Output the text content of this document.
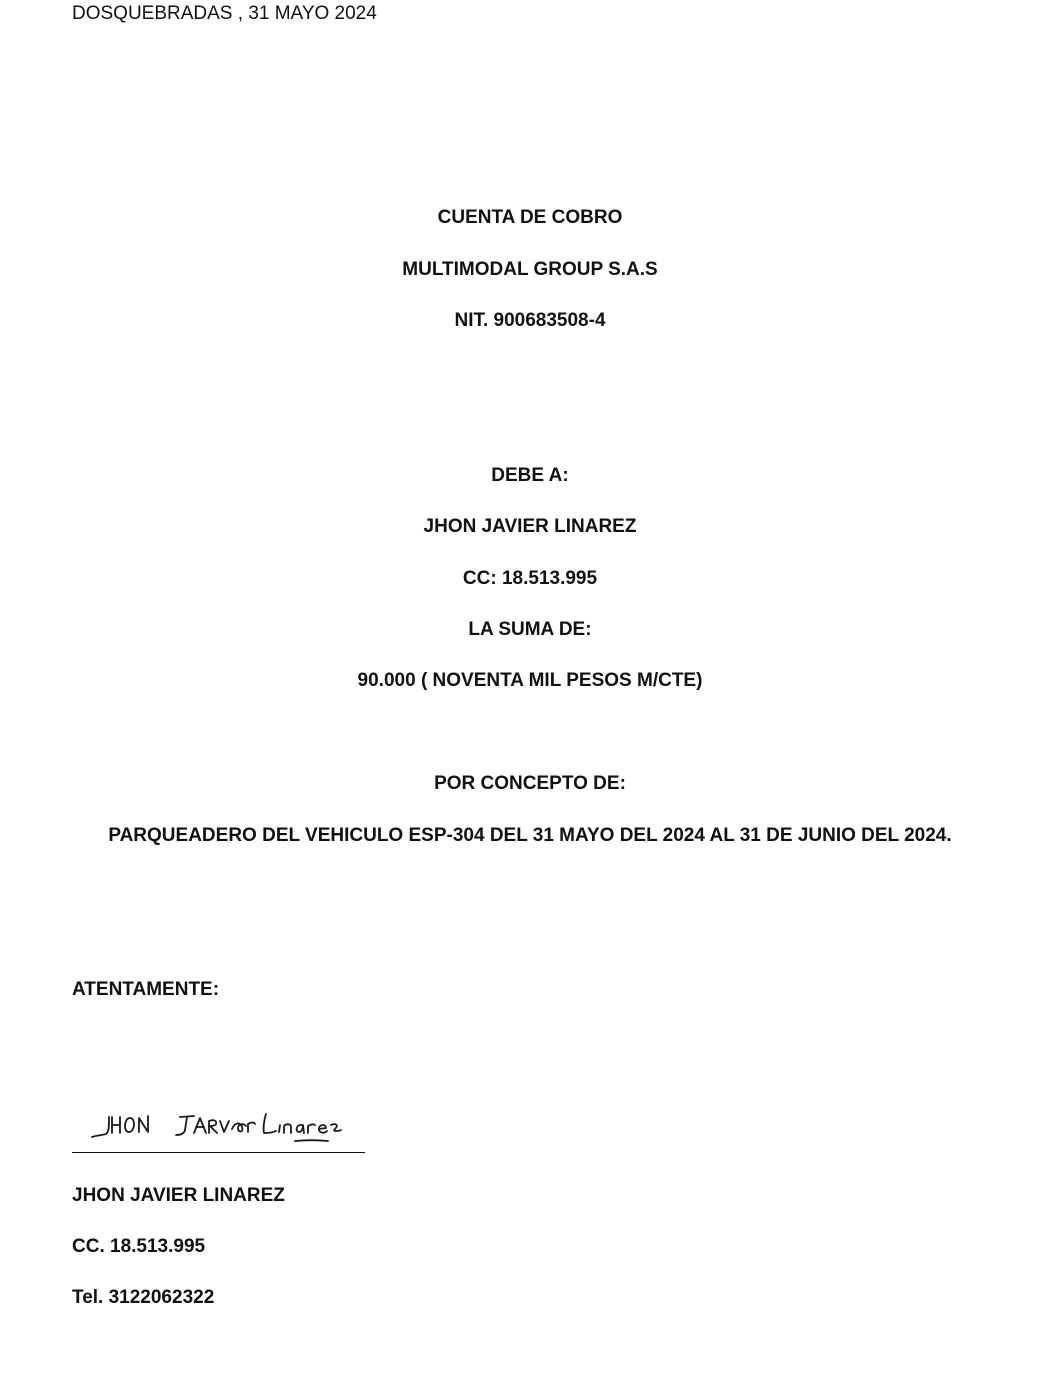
DOSQUEBRADAS , 31 MAYO 2024
CUENTA DE COBRO
MULTIMODAL GROUP S.A.S
NIT. 900683508-4
DEBE A:
JHON JAVIER LINAREZ
CC: 18.513.995
LA SUMA DE:
90.000 ( NOVENTA MIL PESOS M/CTE)
POR CONCEPTO DE:
PARQUEADERO DEL VEHICULO ESP-304 DEL 31 MAYO DEL 2024 AL 31 DE JUNIO DEL 2024.
ATENTAMENTE:
JHON JAVIER LINAREZ
CC. 18.513.995
Tel. 3122062322
